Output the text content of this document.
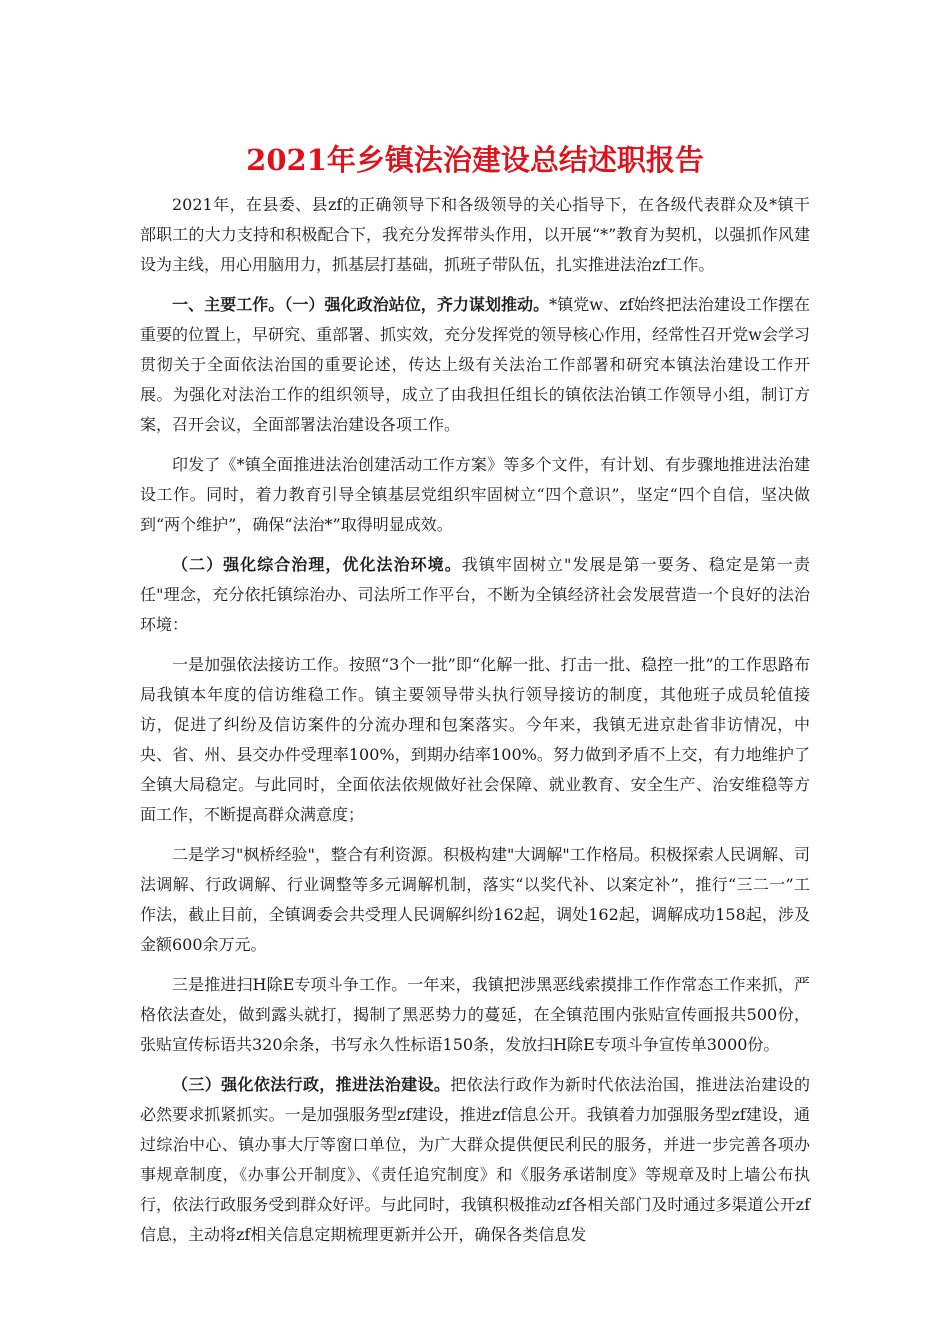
2021年乡镇法治建设总结述职报告

2021年，在县委、县zf的正确领导下和各级领导的关心指导下，在各级代表群众及*镇干部职工的大力支持和积极配合下，我充分发挥带头作用，以开展“*”教育为契机，以强抓作风建设为主线，用心用脑用力，抓基层打基础，抓班子带队伍，扎实推进法治zf工作。

一、主要工作。（一）强化政治站位，齐力谋划推动。*镇党w、zf始终把法治建设工作摆在重要的位置上，早研究、重部署、抓实效，充分发挥党的领导核心作用，经常性召开党w会学习贯彻关于全面依法治国的重要论述，传达上级有关法治工作部署和研究本镇法治建设工作开展。为强化对法治工作的组织领导，成立了由我担任组长的镇依法治镇工作领导小组，制订方案，召开会议，全面部署法治建设各项工作。

印发了《*镇全面推进法治创建活动工作方案》等多个文件，有计划、有步骤地推进法治建设工作。同时，着力教育引导全镇基层党组织牢固树立“四个意识”，坚定“四个自信，坚决做到“两个维护”，确保“法治*”取得明显成效。

（二）强化综合治理，优化法治环境。我镇牢固树立"发展是第一要务、稳定是第一责任"理念，充分依托镇综治办、司法所工作平台，不断为全镇经济社会发展营造一个良好的法治环境：

一是加强依法接访工作。按照“3个一批”即“化解一批、打击一批、稳控一批”的工作思路布局我镇本年度的信访维稳工作。镇主要领导带头执行领导接访的制度，其他班子成员轮值接访，促进了纠纷及信访案件的分流办理和包案落实。今年来，我镇无进京赴省非访情况，中央、省、州、县交办件受理率100%，到期办结率100%。努力做到矛盾不上交，有力地维护了全镇大局稳定。与此同时，全面依法依规做好社会保障、就业教育、安全生产、治安维稳等方面工作，不断提高群众满意度；

二是学习"枫桥经验"，整合有利资源。积极构建"大调解"工作格局。积极探索人民调解、司法调解、行政调解、行业调整等多元调解机制，落实“以奖代补、以案定补”，推行“三二一”工作法，截止目前，全镇调委会共受理人民调解纠纷162起，调处162起，调解成功158起，涉及金额600余万元。

三是推进扫H除E专项斗争工作。一年来，我镇把涉黑恶线索摸排工作作常态工作来抓，严格依法查处，做到露头就打，揭制了黑恶势力的蔓延，在全镇范围内张贴宣传画报共500份，张贴宣传标语共320余条，书写永久性标语150条，发放扫H除E专项斗争宣传单3000份。

（三）强化依法行政，推进法治建设。把依法行政作为新时代依法治国，推进法治建设的必然要求抓紧抓实。一是加强服务型zf建设，推进zf信息公开。我镇着力加强服务型zf建设，通过综治中心、镇办事大厅等窗口单位，为广大群众提供便民利民的服务，并进一步完善各项办事规章制度，《办事公开制度》、《责任追究制度》和《服务承诺制度》等规章及时上墙公布执行，依法行政服务受到群众好评。与此同时，我镇积极推动zf各相关部门及时通过多渠道公开zf信息，主动将zf相关信息定期梳理更新并公开，确保各类信息发
